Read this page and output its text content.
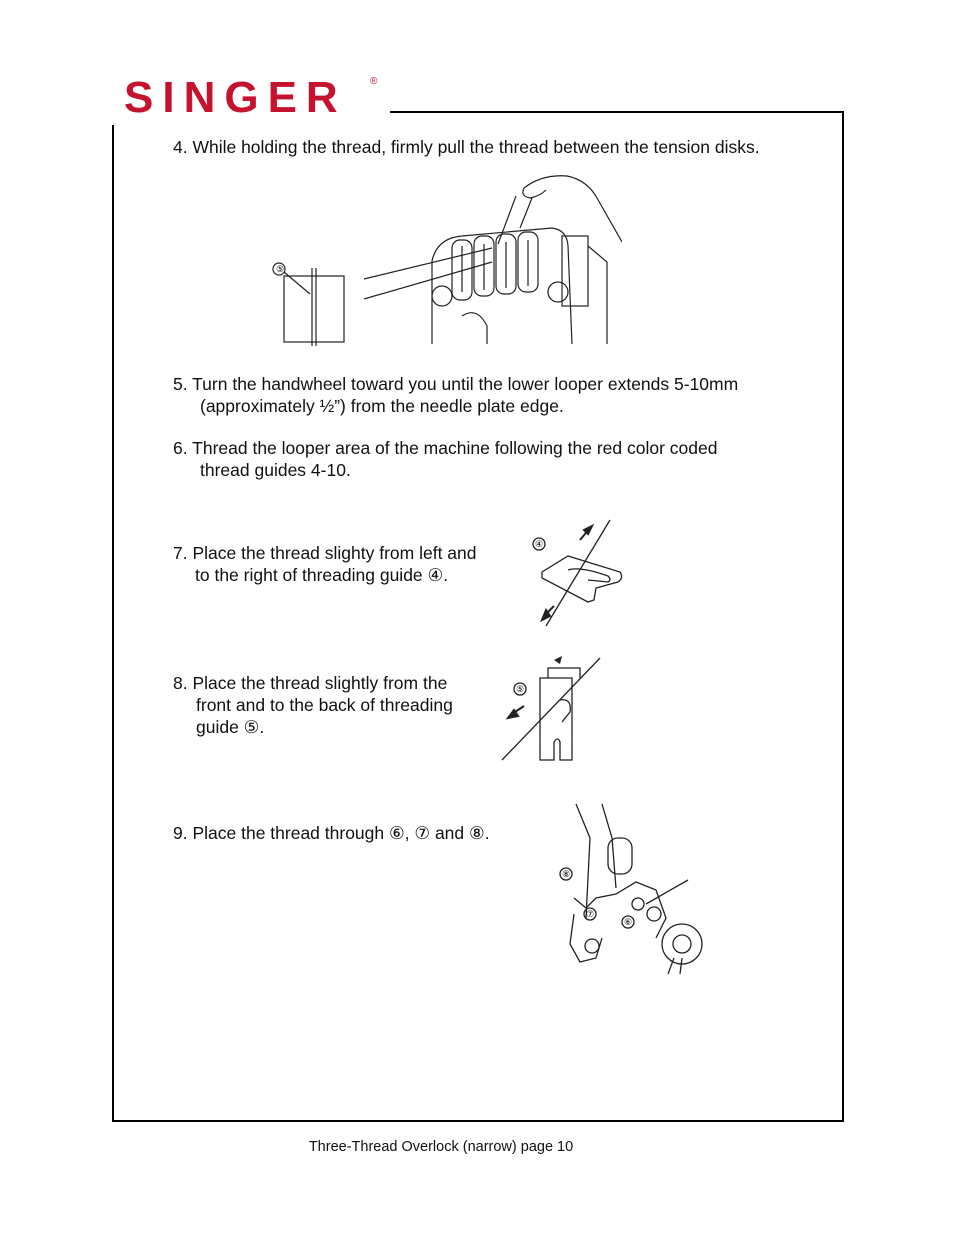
SINGER ®
4. While holding the thread, firmly pull the thread between the tension disks.
⑤
5. Turn the handwheel toward you until the lower looper extends 5-10mm
(approximately ½”) from the needle plate edge.
6. Thread the looper area of the machine following the red color coded
thread guides 4-10.
7. Place the thread slighty from left and
to the right of threading guide ④.
④
8. Place the thread slightly from the
front and to the back of threading
guide ⑤.
⑤
9. Place the thread through ⑥, ⑦ and ⑧.
⑧
⑦
⑥
Three-Thread Overlock (narrow) page 10
